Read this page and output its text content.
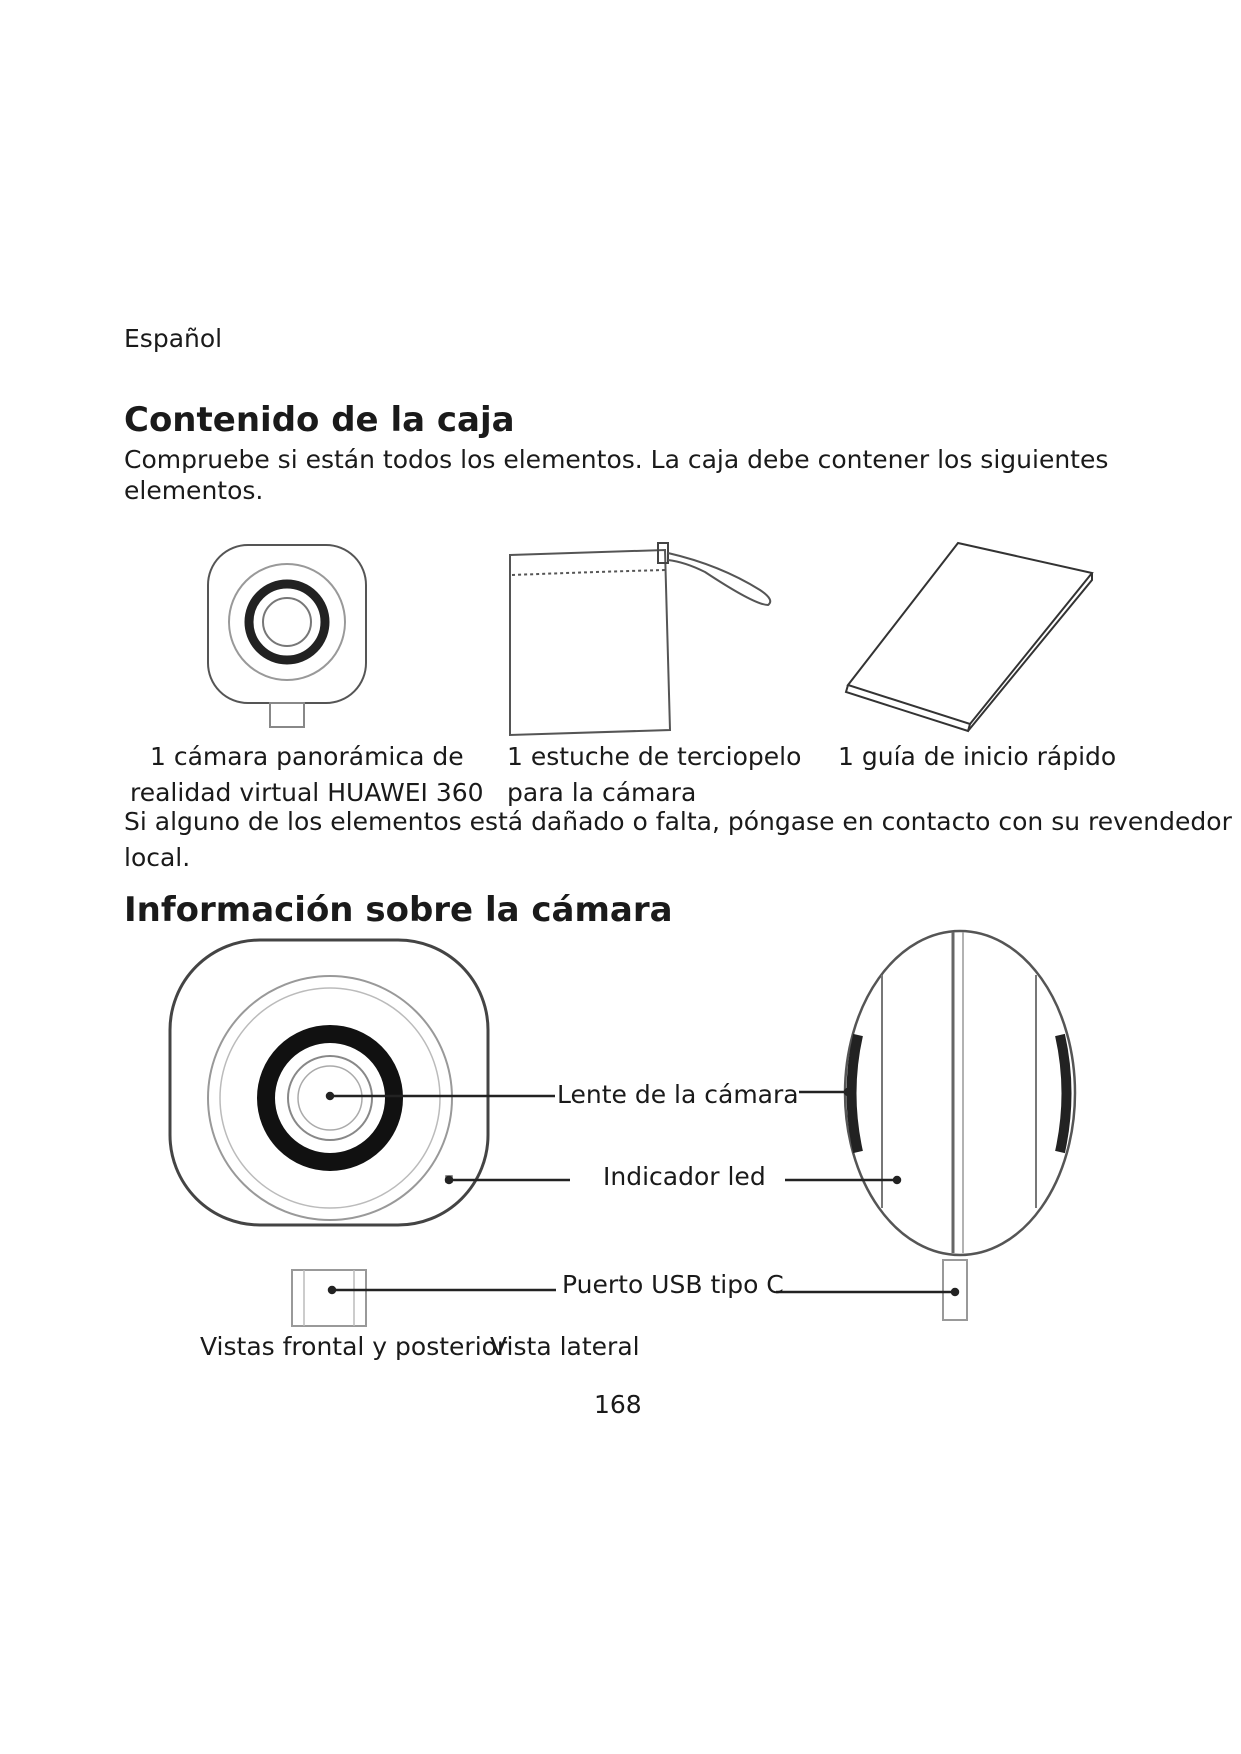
Español
Contenido de la caja
Compruebe si están todos los elementos. La caja debe contener los siguientes
elementos.
1 cámara panorámica de
realidad virtual HUAWEI 360
1 estuche de terciopelo
para la cámara
1 guía de inicio rápido
Si alguno de los elementos está dañado o falta, póngase en contacto con su revendedor
local.
Información sobre la cámara
Lente de la cámara
Indicador led
Puerto USB tipo C
Vistas frontal y posterior
Vista lateral
168
